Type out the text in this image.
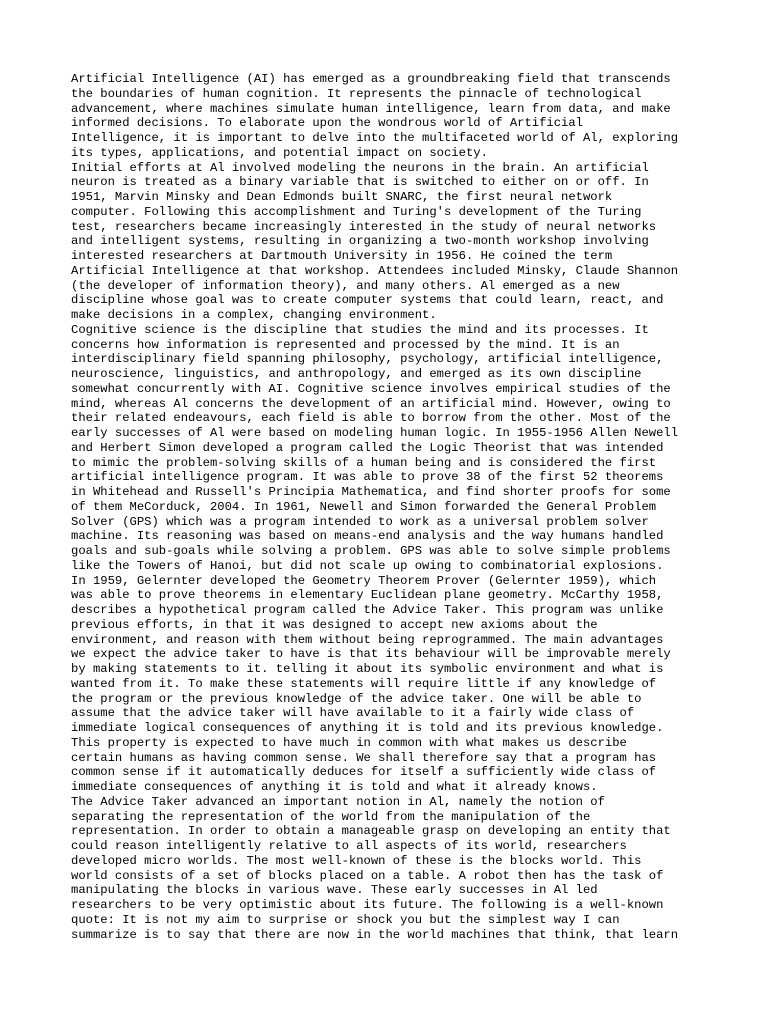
Artificial Intelligence (AI) has emerged as a groundbreaking field that transcends
the boundaries of human cognition. It represents the pinnacle of technological
advancement, where machines simulate human intelligence, learn from data, and make
informed decisions. To elaborate upon the wondrous world of Artificial
Intelligence, it is important to delve into the multifaceted world of Al, exploring
its types, applications, and potential impact on society.
Initial efforts at Al involved modeling the neurons in the brain. An artificial
neuron is treated as a binary variable that is switched to either on or off. In
1951, Marvin Minsky and Dean Edmonds built SNARC, the first neural network
computer. Following this accomplishment and Turing's development of the Turing
test, researchers became increasingly interested in the study of neural networks
and intelligent systems, resulting in organizing a two-month workshop involving
interested researchers at Dartmouth University in 1956. He coined the term
Artificial Intelligence at that workshop. Attendees included Minsky, Claude Shannon
(the developer of information theory), and many others. Al emerged as a new
discipline whose goal was to create computer systems that could learn, react, and
make decisions in a complex, changing environment.
Cognitive science is the discipline that studies the mind and its processes. It
concerns how information is represented and processed by the mind. It is an
interdisciplinary field spanning philosophy, psychology, artificial intelligence,
neuroscience, linguistics, and anthropology, and emerged as its own discipline
somewhat concurrently with AI. Cognitive science involves empirical studies of the
mind, whereas Al concerns the development of an artificial mind. However, owing to
their related endeavours, each field is able to borrow from the other. Most of the
early successes of Al were based on modeling human logic. In 1955-1956 Allen Newell
and Herbert Simon developed a program called the Logic Theorist that was intended
to mimic the problem-solving skills of a human being and is considered the first
artificial intelligence program. It was able to prove 38 of the first 52 theorems
in Whitehead and Russell's Principia Mathematica, and find shorter proofs for some
of them MeCorduck, 2004. In 1961, Newell and Simon forwarded the General Problem
Solver (GPS) which was a program intended to work as a universal problem solver
machine. Its reasoning was based on means-end analysis and the way humans handled
goals and sub-goals while solving a problem. GPS was able to solve simple problems
like the Towers of Hanoi, but did not scale up owing to combinatorial explosions.
In 1959, Gelernter developed the Geometry Theorem Prover (Gelernter 1959), which
was able to prove theorems in elementary Euclidean plane geometry. McCarthy 1958,
describes a hypothetical program called the Advice Taker. This program was unlike
previous efforts, in that it was designed to accept new axioms about the
environment, and reason with them without being reprogrammed. The main advantages
we expect the advice taker to have is that its behaviour will be improvable merely
by making statements to it. telling it about its symbolic environment and what is
wanted from it. To make these statements will require little if any knowledge of
the program or the previous knowledge of the advice taker. One will be able to
assume that the advice taker will have available to it a fairly wide class of
immediate logical consequences of anything it is told and its previous knowledge.
This property is expected to have much in common with what makes us describe
certain humans as having common sense. We shall therefore say that a program has
common sense if it automatically deduces for itself a sufficiently wide class of
immediate consequences of anything it is told and what it already knows.
The Advice Taker advanced an important notion in Al, namely the notion of
separating the representation of the world from the manipulation of the
representation. In order to obtain a manageable grasp on developing an entity that
could reason intelligently relative to all aspects of its world, researchers
developed micro worlds. The most well-known of these is the blocks world. This
world consists of a set of blocks placed on a table. A robot then has the task of
manipulating the blocks in various wave. These early successes in Al led
researchers to be very optimistic about its future. The following is a well-known
quote: It is not my aim to surprise or shock you but the simplest way I can
summarize is to say that there are now in the world machines that think, that learn
